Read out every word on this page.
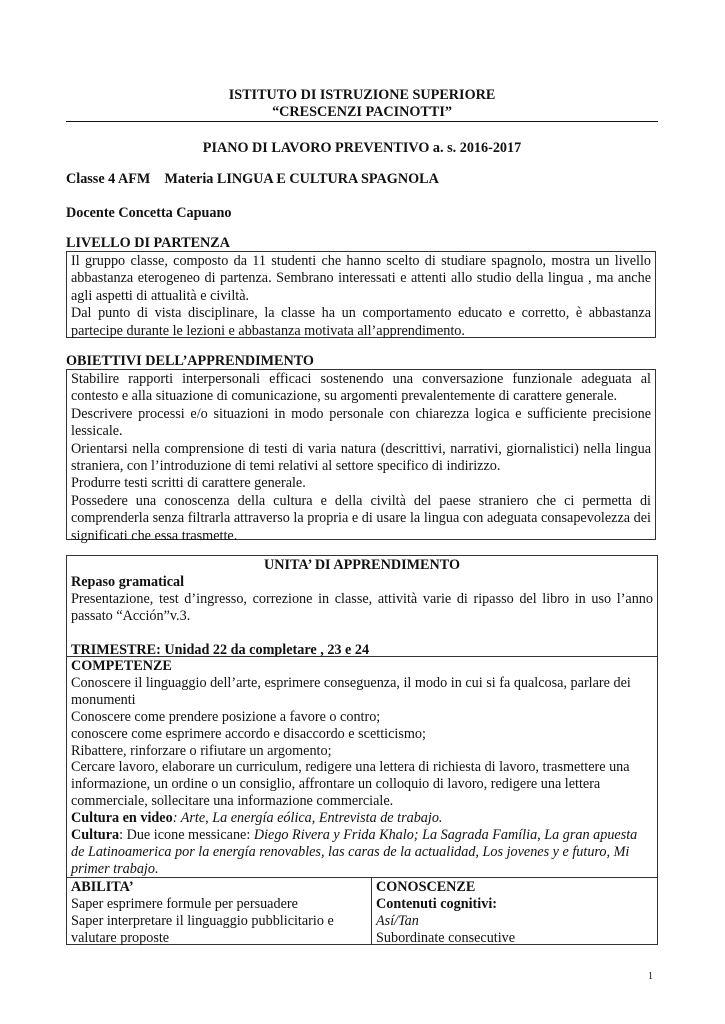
ISTITUTO DI ISTRUZIONE SUPERIORE
“CRESCENZI PACINOTTI”
PIANO DI LAVORO PREVENTIVO a. s. 2016-2017
Classe 4 AFM Materia LINGUA E CULTURA SPAGNOLA
Docente Concetta Capuano
LIVELLO DI PARTENZA

Il gruppo classe, composto da 11 studenti che hanno scelto di studiare spagnolo, mostra un livello abbastanza eterogeneo di partenza. Sembrano interessati e attenti allo studio della lingua , ma anche agli aspetti di attualità e civiltà.

Dal punto di vista disciplinare, la classe ha un comportamento educato e corretto, è abbastanza partecipe durante le lezioni e abbastanza motivata all’apprendimento.

OBIETTIVI DELL’APPRENDIMENTO

Stabilire rapporti interpersonali efficaci sostenendo una conversazione funzionale adeguata al contesto e alla situazione di comunicazione, su argomenti prevalentemente di carattere generale.

Descrivere processi e/o situazioni in modo personale con chiarezza logica e sufficiente precisione lessicale.

Orientarsi nella comprensione di testi di varia natura (descrittivi, narrativi, giornalistici) nella lingua straniera, con l’introduzione di temi relativi al settore specifico di indirizzo.

Produrre testi scritti di carattere generale.

Possedere una conoscenza della cultura e della civiltà del paese straniero che ci permetta di comprenderla senza filtrarla attraverso la propria e di usare la lingua con adeguata consapevolezza dei significati che essa trasmette.

UNITA’ DI APPRENDIMENTO

Repaso gramatical

Presentazione, test d’ingresso, correzione in classe, attività varie di ripasso del libro in uso l’anno passato “Acción”v.3.

TRIMESTRE: Unidad 22 da completare , 23 e 24

COMPETENZE

Conoscere il linguaggio dell’arte, esprimere conseguenza, il modo in cui si fa qualcosa, parlare dei monumenti

Conoscere come prendere posizione a favore o contro;

conoscere come esprimere accordo e disaccordo e scetticismo;

Ribattere, rinforzare o rifiutare un argomento;

Cercare lavoro, elaborare un curriculum, redigere una lettera di richiesta di lavoro, trasmettere una informazione, un ordine o un consiglio, affrontare un colloquio di lavoro, redigere una lettera commerciale, sollecitare una informazione commerciale.

Cultura en video: Arte, La energía eólica, Entrevista de trabajo.

Cultura: Due icone messicane: Diego Rivera y Frida Khalo; La Sagrada Família, La gran apuesta de Latinoamerica por la energía renovables, las caras de la actualidad, Los jovenes y e futuro, Mi primer trabajo.

ABILITA’

Saper esprimere formule per persuadere

Saper interpretare il linguaggio pubblicitario e valutare proposte

CONOSCENZE

Contenuti cognitivi:

Así/Tan

Subordinate consecutive

1
